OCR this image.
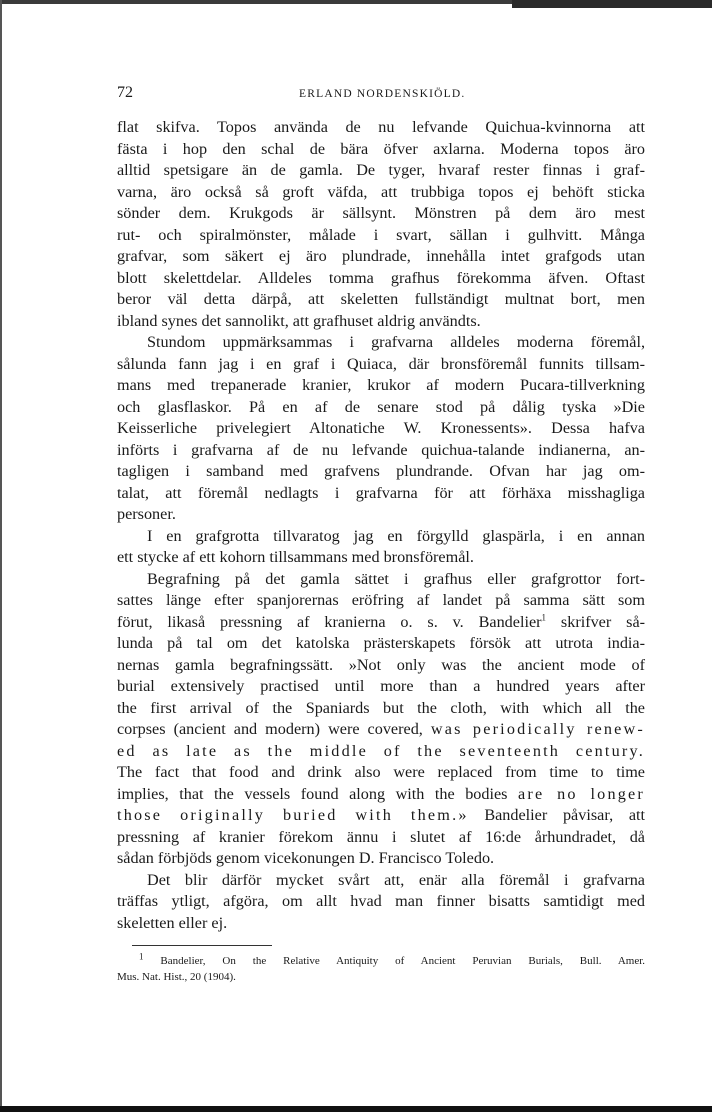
72	ERLAND NORDENSKIÖLD.

flat skifva. Topos använda de nu lefvande Quichua-kvinnorna att
fästa i hop den schal de bära öfver axlarna. Moderna topos äro
alltid spetsigare än de gamla. De tyger, hvaraf rester finnas i graf-
varna, äro också så groft väfda, att trubbiga topos ej behöft sticka
sönder dem. Krukgods är sällsynt. Mönstren på dem äro mest
rut- och spiralmönster, målade i svart, sällan i gulhvitt. Många
grafvar, som säkert ej äro plundrade, innehålla intet grafgods utan
blott skelettdelar. Alldeles tomma grafhus förekomma äfven. Oftast
beror väl detta därpå, att skeletten fullständigt multnat bort, men
ibland synes det sannolikt, att grafhuset aldrig användts.

Stundom uppmärksammas i grafvarna alldeles moderna föremål,
sålunda fann jag i en graf i Quiaca, där bronsföremål funnits tillsam-
mans med trepanerade kranier, krukor af modern Pucara-tillverkning
och glasflaskor. På en af de senare stod på dålig tyska »Die
Keisserliche privelegiert Altonatiche W. Kronessents». Dessa hafva
införts i grafvarna af de nu lefvande quichua-talande indianerna, an-
tagligen i samband med grafvens plundrande. Ofvan har jag om-
talat, att föremål nedlagts i grafvarna för att förhäxa misshagliga
personer.

I en grafgrotta tillvaratog jag en förgylld glaspärla, i en annan
ett stycke af ett kohorn tillsammans med bronsföremål.

Begrafning på det gamla sättet i grafhus eller grafgrottor fort-
sattes länge efter spanjorernas eröfring af landet på samma sätt som
förut, likaså pressning af kranierna o. s. v. Bandelier$^1$ skrifver så-
lunda på tal om det katolska prästerskapets försök att utrota india-
nernas gamla begrafningssätt. »Not only was the ancient mode of
burial extensively practised until more than a hundred years after
the first arrival of the Spaniards but the cloth, with which all the
corpses (ancient and modern) were covered, was periodically renew-
ed as late as the middle of the seventeenth century.
The fact that food and drink also were replaced from time to time
implies, that the vessels found along with the bodies are no longer
those originally buried with them.» Bandelier påvisar, att
pressning af kranier förekom ännu i slutet af 16:de århundradet, då
sådan förbjöds genom vicekonungen D. Francisco Toledo.

Det blir därför mycket svårt att, enär alla föremål i grafvarna
träffas ytligt, afgöra, om allt hvad man finner bisatts samtidigt med
skeletten eller ej.

$^1$ Bandelier, On the Relative Antiquity of Ancient Peruvian Burials, Bull. Amer.
Mus. Nat. Hist., 20 (1904).
